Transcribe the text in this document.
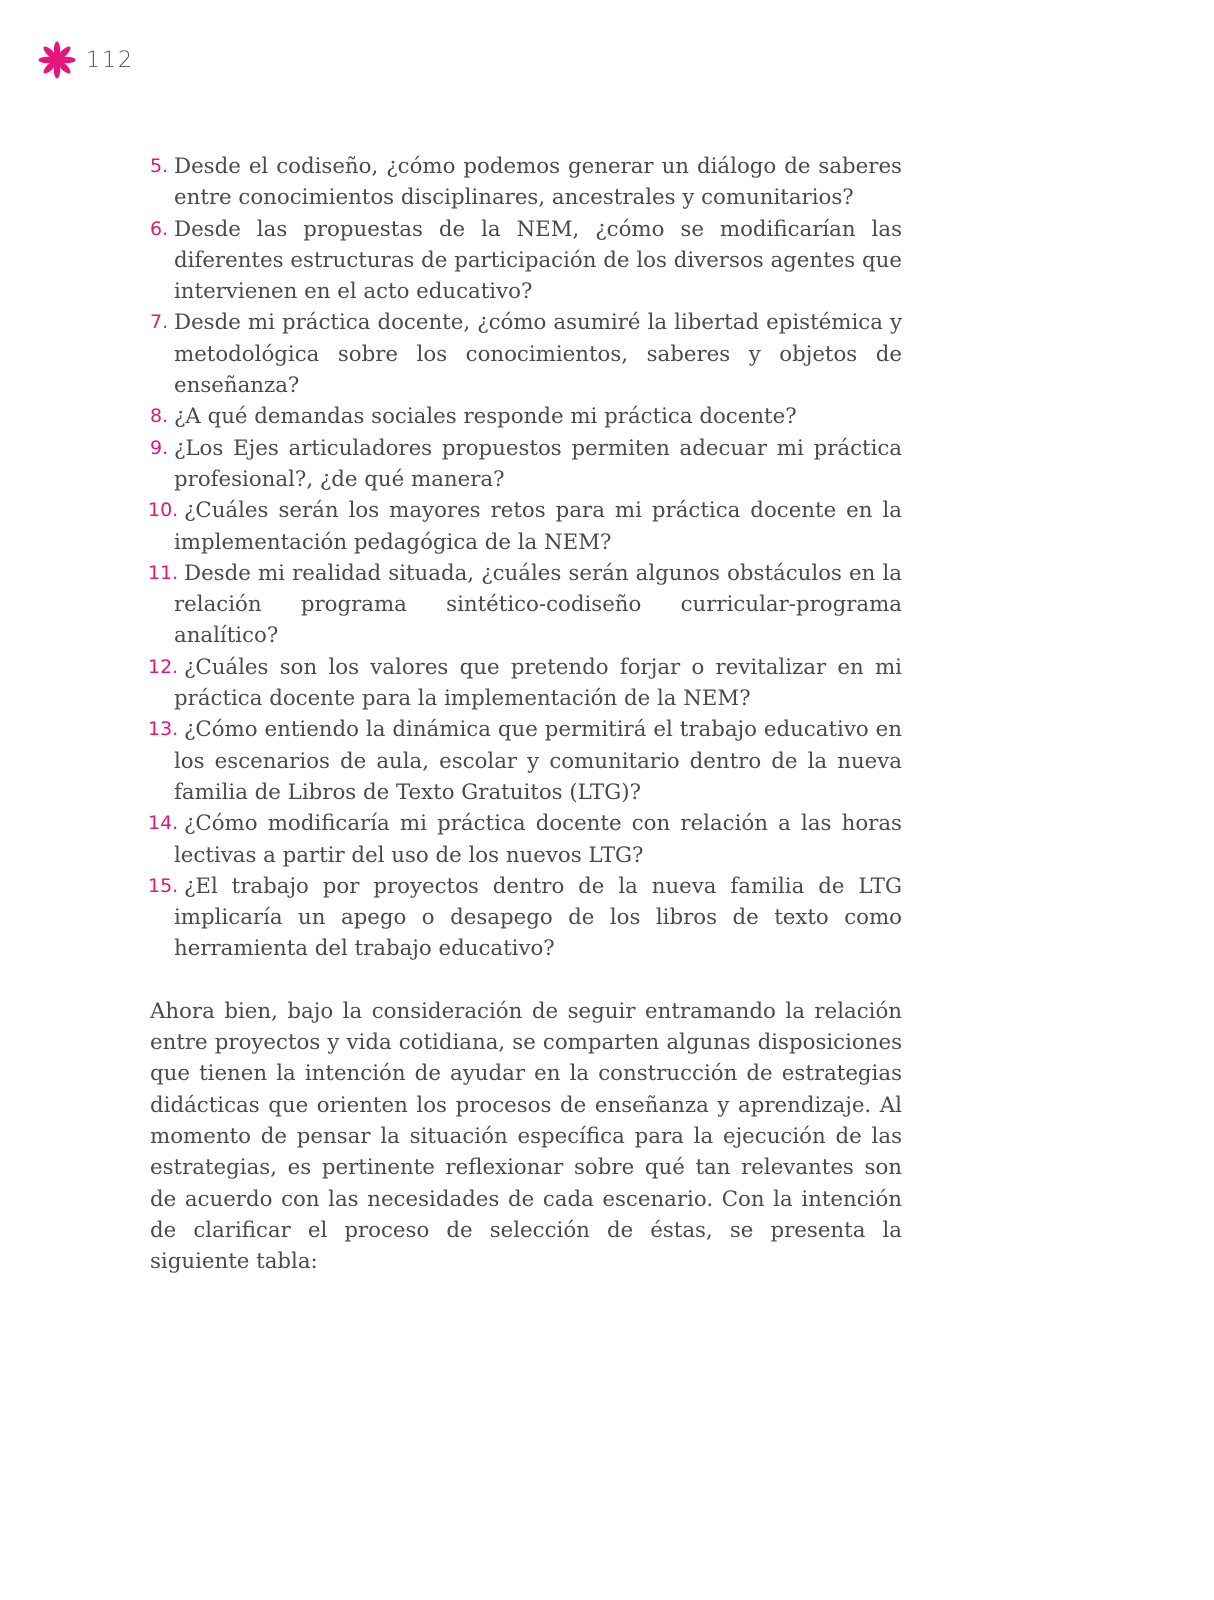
112
5. Desde el codiseño, ¿cómo podemos generar un diálogo de saberes entre conocimientos disciplinares, ancestrales y comunitarios?
6. Desde las propuestas de la NEM, ¿cómo se modificarían las diferentes estructuras de participación de los diversos agentes que intervienen en el acto educativo?
7. Desde mi práctica docente, ¿cómo asumiré la libertad epistémica y metodológica sobre los conocimientos, saberes y objetos de enseñanza?
8. ¿A qué demandas sociales responde mi práctica docente?
9. ¿Los Ejes articuladores propuestos permiten adecuar mi práctica profesional?, ¿de qué manera?
10. ¿Cuáles serán los mayores retos para mi práctica docente en la implementación pedagógica de la NEM?
11. Desde mi realidad situada, ¿cuáles serán algunos obstáculos en la relación programa sintético-codiseño curricular-programa analítico?
12. ¿Cuáles son los valores que pretendo forjar o revitalizar en mi práctica docente para la implementación de la NEM?
13. ¿Cómo entiendo la dinámica que permitirá el trabajo educativo en los escenarios de aula, escolar y comunitario dentro de la nueva familia de Libros de Texto Gratuitos (LTG)?
14. ¿Cómo modificaría mi práctica docente con relación a las horas lectivas a partir del uso de los nuevos LTG?
15. ¿El trabajo por proyectos dentro de la nueva familia de LTG implicaría un apego o desapego de los libros de texto como herramienta del trabajo educativo?

Ahora bien, bajo la consideración de seguir entramando la relación entre proyectos y vida cotidiana, se comparten algunas disposiciones que tienen la intención de ayudar en la construcción de estrategias didácticas que orienten los procesos de enseñanza y aprendizaje. Al momento de pensar la situación específica para la ejecución de las estrategias, es pertinente reflexionar sobre qué tan relevantes son de acuerdo con las necesidades de cada escenario. Con la intención de clarificar el proceso de selección de éstas, se presenta la siguiente tabla:
